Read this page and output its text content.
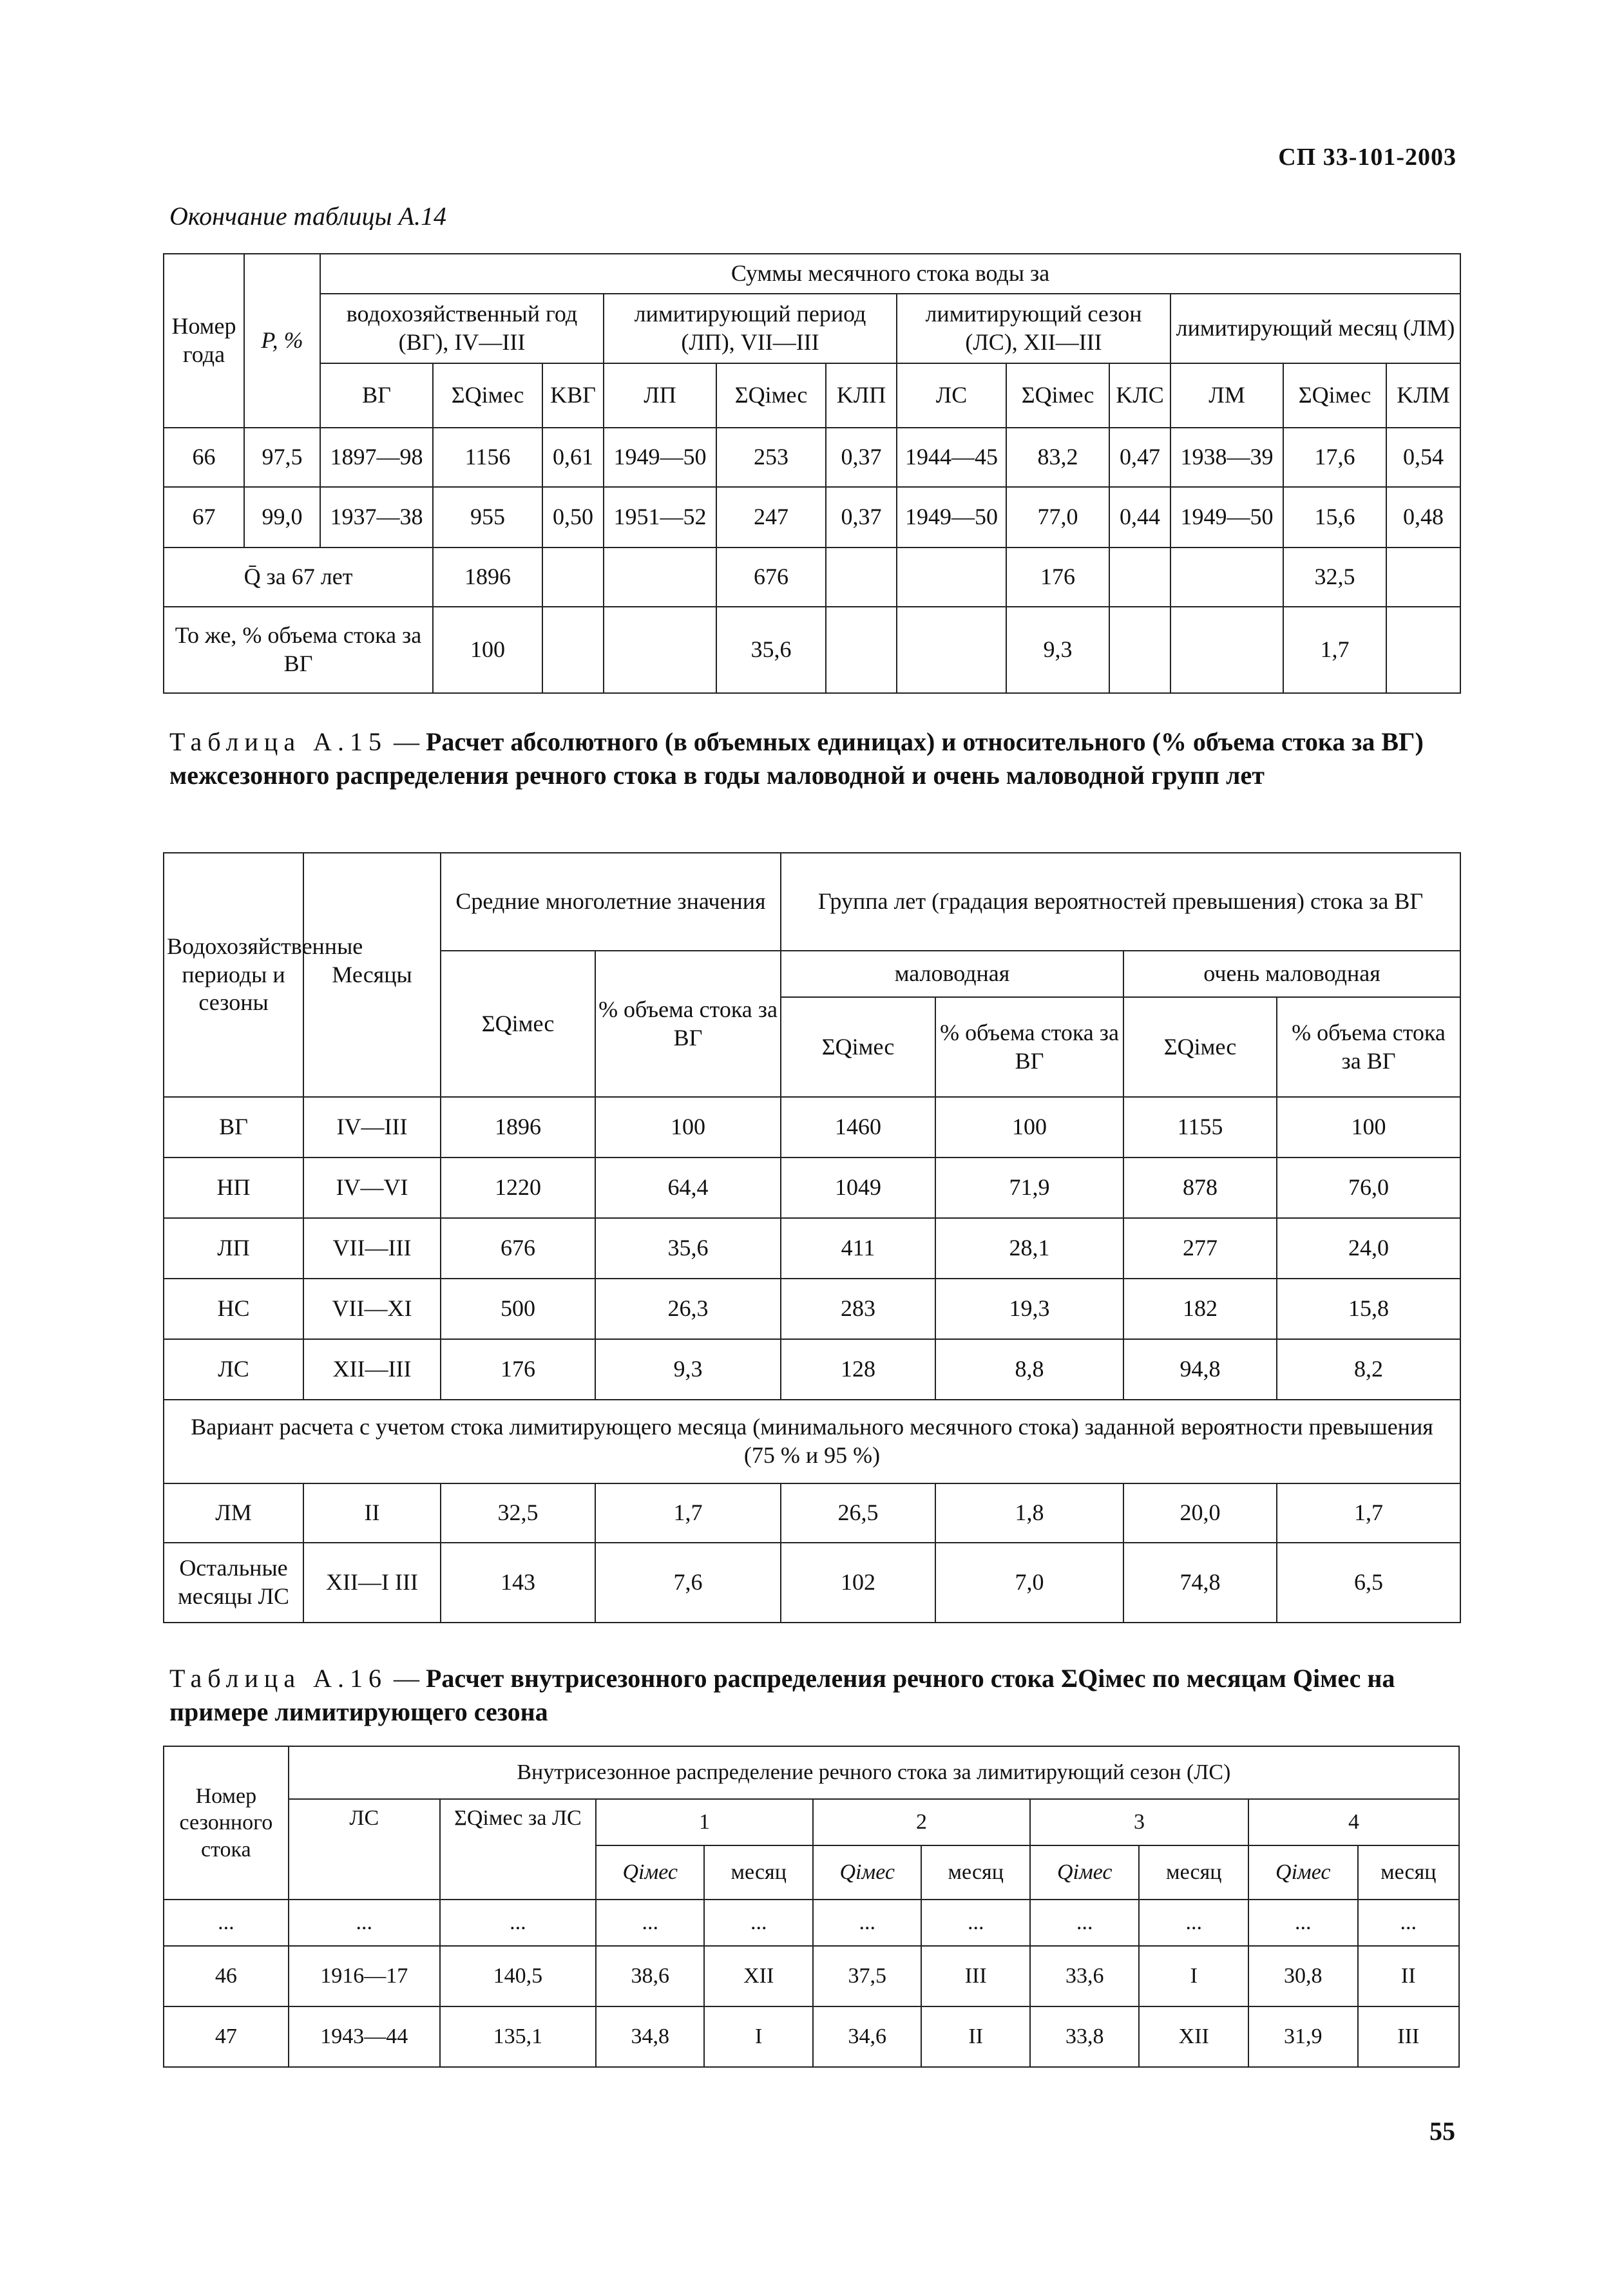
СП 33-101-2003
Окончание таблицы А.14
Номер года	P, %	Суммы месячного стока воды за											
		водохозяйственный год (ВГ), IV—III			лимитирующий период (ЛП), VII—III			лимитирующий сезон (ЛС), XII—III			лимитирующий месяц (ЛМ)		
		ВГ	ΣQiмес	KВГ	ЛП	ΣQiмес	KЛП	ЛС	ΣQiмес	KЛС	ЛМ	ΣQiмес	KЛМ
66	97,5	1897—98	1156	0,61	1949—50	253	0,37	1944—45	83,2	0,47	1938—39	17,6	0,54
67	99,0	1937—38	955	0,50	1951—52	247	0,37	1949—50	77,0	0,44	1949—50	15,6	0,48
Q̄ за 67 лет			1896			676			176			32,5	
То же, % объема стока за ВГ			100			35,6			9,3			1,7	
Таблица А.15 — Расчет абсолютного (в объемных единицах) и относительного (% объема стока за ВГ) межсезонного распределения речного стока в годы маловодной и очень маловодной групп лет
Водохозяйственные периоды и сезоны	Месяцы	Средние многолетние значения		Группа лет (градация вероятностей превышения) стока за ВГ			
		ΣQiмес	% объема стока за ВГ	маловодная		очень маловодная	
				ΣQiмес	% объема стока за ВГ	ΣQiмес	% объема стока за ВГ
ВГ	IV—III	1896	100	1460	100	1155	100
НП	IV—VI	1220	64,4	1049	71,9	878	76,0
ЛП	VII—III	676	35,6	411	28,1	277	24,0
НС	VII—XI	500	26,3	283	19,3	182	15,8
ЛС	XII—III	176	9,3	128	8,8	94,8	8,2
Вариант расчета с учетом стока лимитирующего месяца (минимального месячного стока) заданной вероятности превышения (75 % и 95 %)							
ЛМ	II	32,5	1,7	26,5	1,8	20,0	1,7
Остальные месяцы ЛС	XII—I III	143	7,6	102	7,0	74,8	6,5
Таблица А.16 — Расчет внутрисезонного распределения речного стока ΣQiмес по месяцам Qiмес на примере лимитирующего сезона
Номер сезонного стока	Внутрисезонное распределение речного стока за лимитирующий сезон (ЛС)									
	ЛС	ΣQiмес за ЛС	1		2		3		4	
			Qiмес	месяц	Qiмес	месяц	Qiмес	месяц	Qiмес	месяц
...	...	...	...	...	...	...	...	...	...	...
46	1916—17	140,5	38,6	XII	37,5	III	33,6	I	30,8	II
47	1943—44	135,1	34,8	I	34,6	II	33,8	XII	31,9	III
55
